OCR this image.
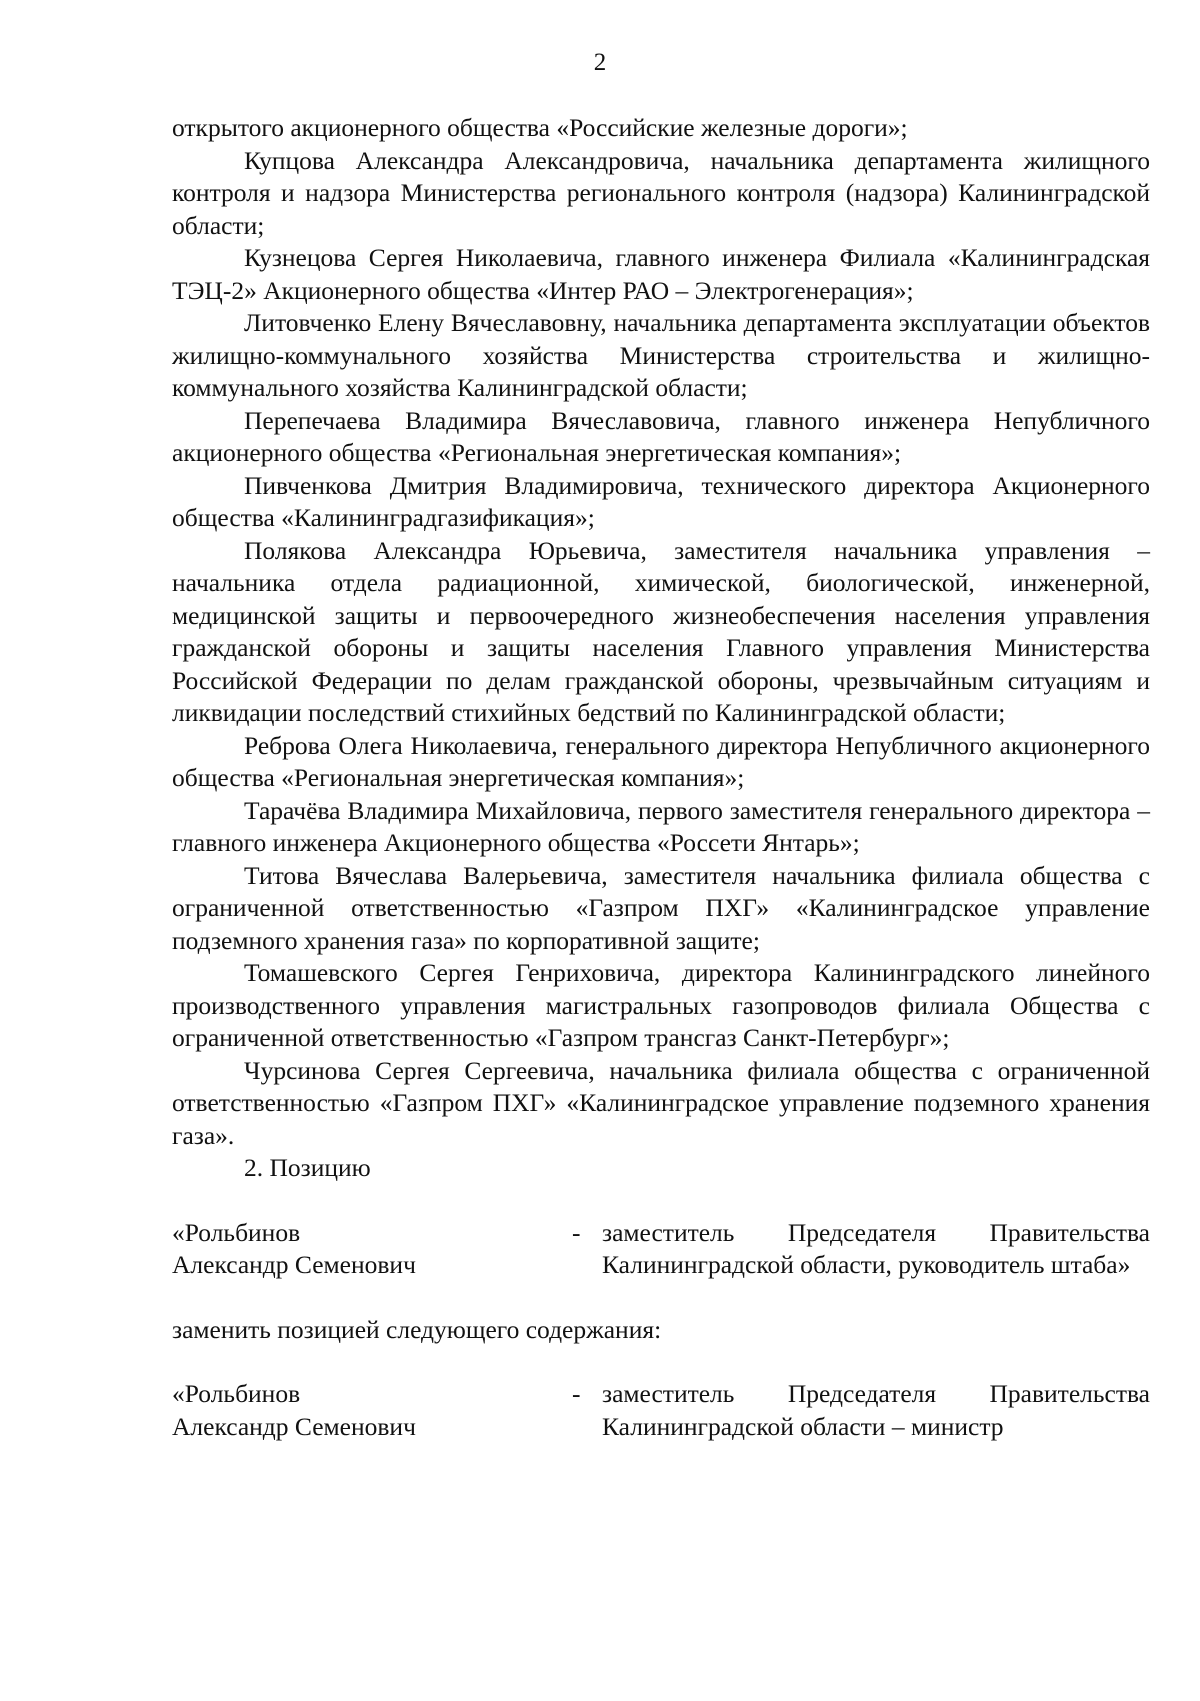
2

открытого акционерного общества «Российские железные дороги»;

Купцова Александра Александровича, начальника департамента жилищного контроля и надзора Министерства регионального контроля (надзора) Калининградской области;

Кузнецова Сергея Николаевича, главного инженера Филиала «Калининградская ТЭЦ-2» Акционерного общества «Интер РАО – Электрогенерация»;

Литовченко Елену Вячеславовну, начальника департамента эксплуатации объектов жилищно-коммунального хозяйства Министерства строительства и жилищно-коммунального хозяйства Калининградской области;

Перепечаева Владимира Вячеславовича, главного инженера Непубличного акционерного общества «Региональная энергетическая компания»;

Пивченкова Дмитрия Владимировича, технического директора Акционерного общества «Калининградгазификация»;

Полякова Александра Юрьевича, заместителя начальника управления – начальника отдела радиационной, химической, биологической, инженерной, медицинской защиты и первоочередного жизнеобеспечения населения управления гражданской обороны и защиты населения Главного управления Министерства Российской Федерации по делам гражданской обороны, чрезвычайным ситуациям и ликвидации последствий стихийных бедствий по Калининградской области;

Реброва Олега Николаевича, генерального директора Непубличного акционерного общества «Региональная энергетическая компания»;

Тарачёва Владимира Михайловича, первого заместителя генерального директора – главного инженера Акционерного общества «Россети Янтарь»;

Титова Вячеслава Валерьевича, заместителя начальника филиала общества с ограниченной ответственностью «Газпром ПХГ» «Калининградское управление подземного хранения газа» по корпоративной защите;

Томашевского Сергея Генриховича, директора Калининградского линейного производственного управления магистральных газопроводов филиала Общества с ограниченной ответственностью «Газпром трансгаз Санкт-Петербург»;

Чурсинова Сергея Сергеевича, начальника филиала общества с ограниченной ответственностью «Газпром ПХГ» «Калининградское управление подземного хранения газа».

2. Позицию

«Рольбинов
Александр Семенович
- заместитель Председателя Правительства Калининградской области, руководитель штаба»

заменить позицией следующего содержания:

«Рольбинов
Александр Семенович
- заместитель Председателя Правительства Калининградской области – министр
